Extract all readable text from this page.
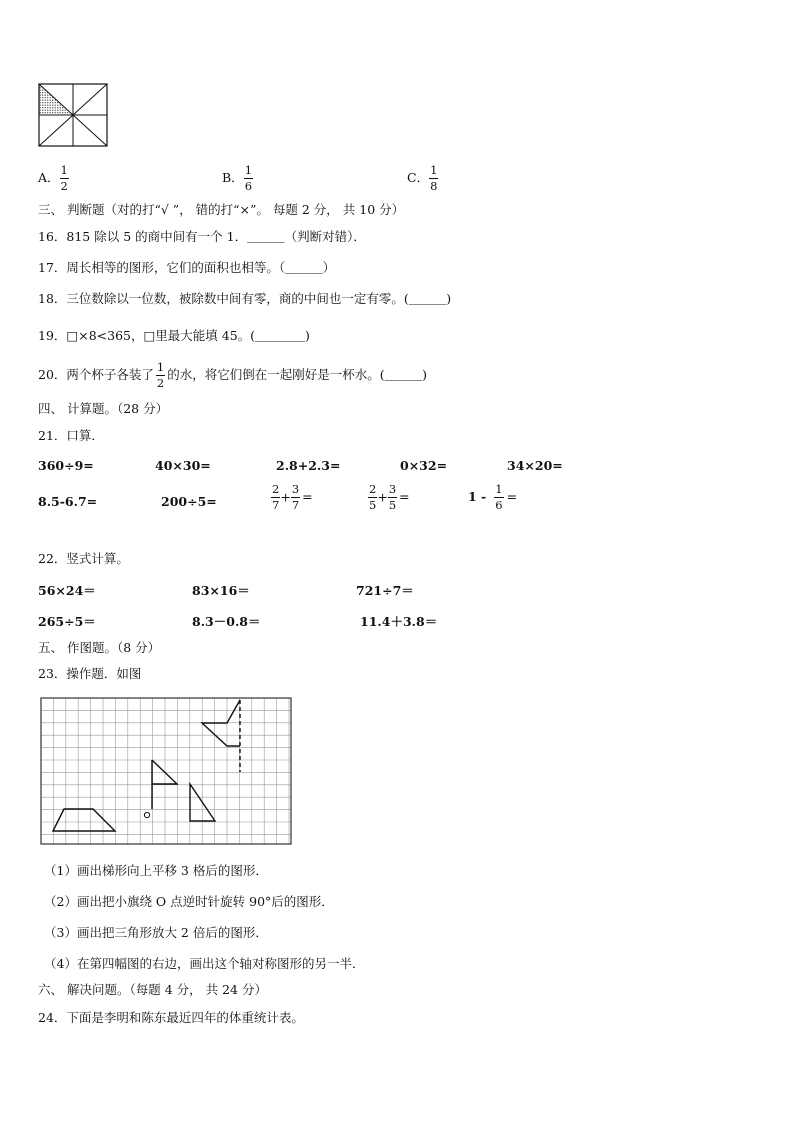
A． $\frac{1}{2}$	B． $\frac{1}{6}$	C． $\frac{1}{8}$
三、 判断题（对的打“√ ”， 错的打“×”。 每题 2 分， 共 10 分）
16．815 除以 5 的商中间有一个 1．＿＿＿（判断对错）．
17．周长相等的图形，它们的面积也相等。（＿＿＿）
18．三位数除以一位数，被除数中间有零，商的中间也一定有零。(＿＿＿)
19．□×8<365，□里最大能填 45。(＿＿＿＿)
20．两个杯子各装了 $\frac{1}{2}$ 的水，将它们倒在一起刚好是一杯水。(＿＿＿)
四、 计算题。（28 分）
21．口算．
360÷9=	40×30=	2.8+2.3=	0×32=	34×20=
8.5-6.7=	200÷5=	$\frac{2}{7} + \frac{3}{7}$ =	$\frac{2}{5} + \frac{3}{5}$ =	$1 - \frac{1}{6}$ =
22．竖式计算。
56×24＝	83×16＝	721÷7＝
265÷5＝	8.3－0.8＝	11.4＋3.8＝
五、 作图题。（8 分）
23．操作题．如图
（1）画出梯形向上平移 3 格后的图形．
（2）画出把小旗绕 O 点逆时针旋转 90°后的图形．
（3）画出把三角形放大 2 倍后的图形．
（4）在第四幅图的右边，画出这个轴对称图形的另一半．
六、 解决问题。（每题 4 分， 共 24 分）
24．下面是李明和陈东最近四年的体重统计表。
